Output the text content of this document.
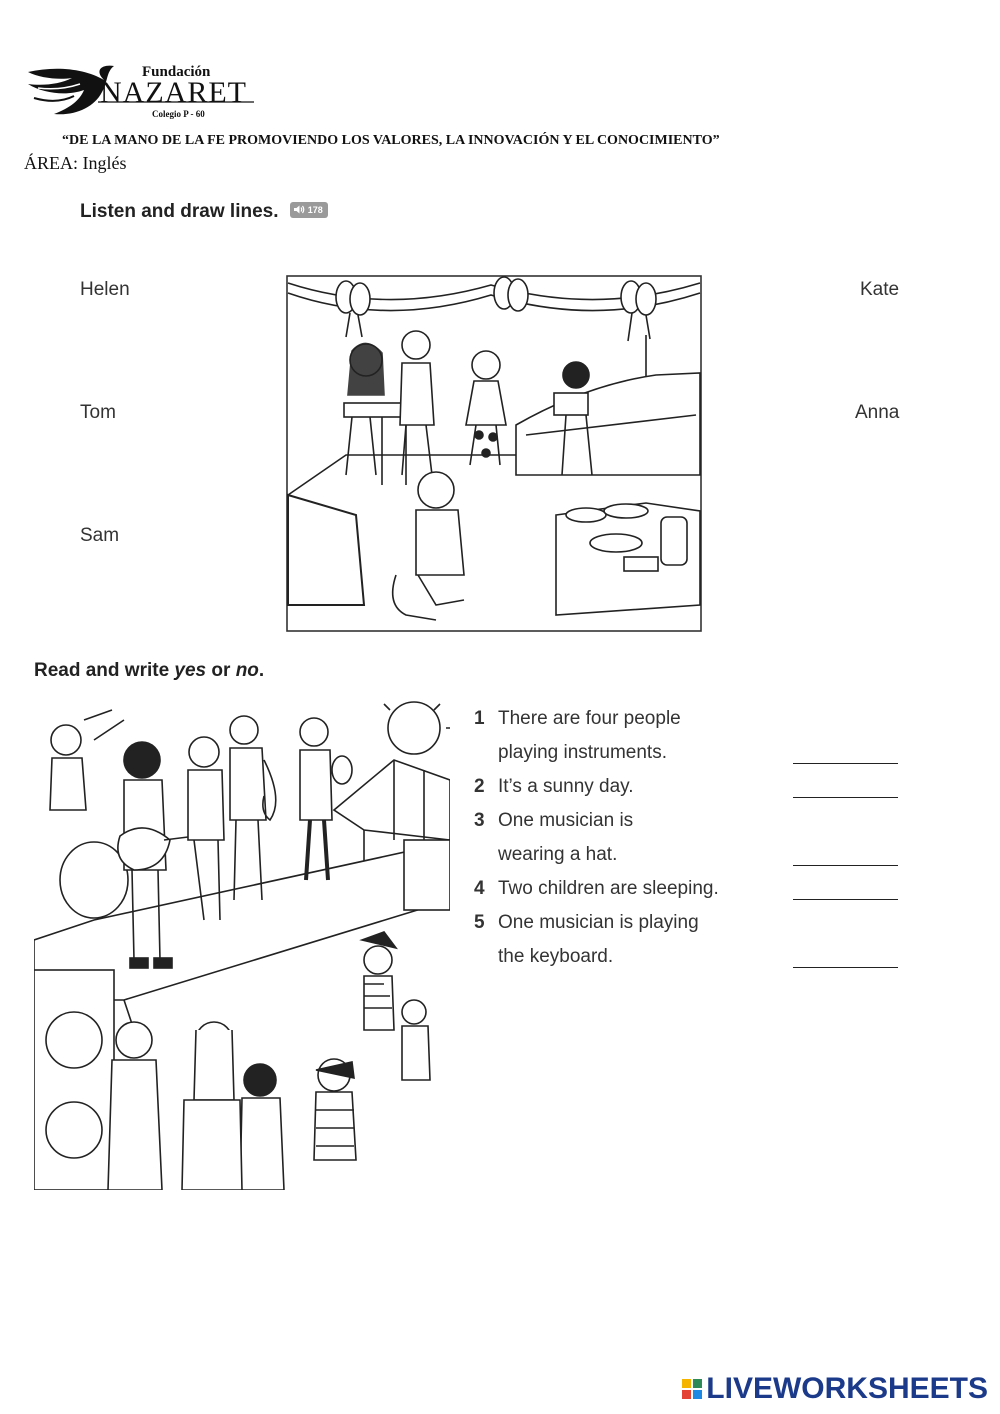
Fundación
NAZARET
Colegio P - 60
“DE LA MANO DE LA FE PROMOVIENDO LOS VALORES, LA INNOVACIÓN Y EL CONOCIMIENTO”
ÁREA: Inglés
Listen and draw lines.	178
Helen
Tom
Sam
Kate
Anna
Read and write yes or no.
1 There are four people
playing instruments.
2 It’s a sunny day.
3 One musician is
wearing a hat.
4 Two children are sleeping.
5 One musician is playing
the keyboard.
LIVEWORKSHEETS
